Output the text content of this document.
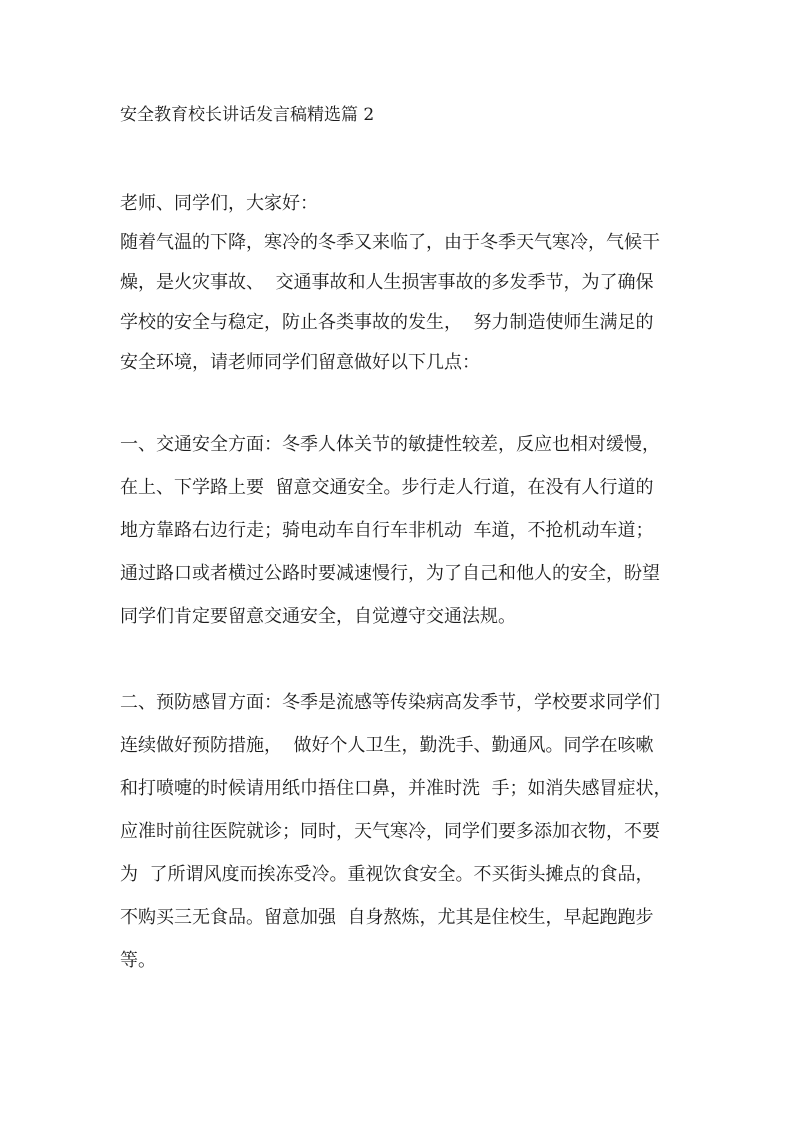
安全教育校长讲话发言稿精选篇 2
老师、同学们，大家好：
随着气温的下降，寒冷的冬季又来临了，由于冬季天气寒冷，气候干
燥，是火灾事故、  交通事故和人生损害事故的多发季节，为了确保
学校的安全与稳定，防止各类事故的发生，  努力制造使师生满足的
安全环境，请老师同学们留意做好以下几点：
一、交通安全方面：冬季人体关节的敏捷性较差，反应也相对缓慢，
在上、下学路上要  留意交通安全。步行走人行道，在没有人行道的
地方靠路右边行走；骑电动车自行车非机动  车道，不抢机动车道；
通过路口或者横过公路时要减速慢行，为了自己和他人的安全，盼望
同学们肯定要留意交通安全，自觉遵守交通法规。
二、预防感冒方面：冬季是流感等传染病高发季节，学校要求同学们
连续做好预防措施，  做好个人卫生，勤洗手、勤通风。同学在咳嗽
和打喷嚏的时候请用纸巾捂住口鼻，并准时洗  手；如消失感冒症状，
应准时前往医院就诊；同时，天气寒冷，同学们要多添加衣物，不要
为  了所谓风度而挨冻受冷。重视饮食安全。不买街头摊点的食品，
不购买三无食品。留意加强  自身熬炼，尤其是住校生，早起跑跑步
等。
